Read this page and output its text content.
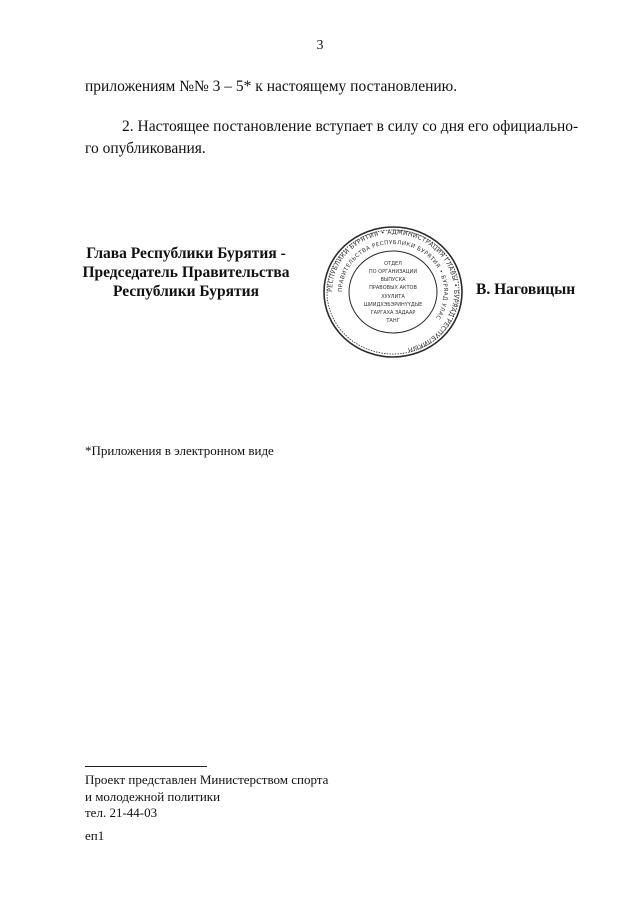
3
приложениям №№ 3 – 5* к настоящему постановлению.
2. Настоящее постановление вступает в силу со дня его официально-
го опубликования.
Глава Республики Бурятия -
Председатель Правительства
Республики Бурятия	РЕСПУБЛИКИ БУРЯТИЯ • АДМИНИСТРАЦИЯ ГЛАВЫ • БУРЯАД РЕСПУБЛИКЫН
ПРАВИТЕЛЬСТВА РЕСПУБЛИКИ БУРЯТИЯ • БУРЯАД УЛАС
ОТДЕЛ
ПО ОРГАНИЗАЦИИ
ВЫПУСКА
ПРАВОВЫХ АКТОВ
ХУУЛИТА
ШИИДХЭБЭРИНҮҮДЫЕ
ГАРГАХА ЗАДААР
ТАНГ
В. Наговицын
*Приложения в электронном виде
Проект представлен Министерством спорта
и молодежной политики
тел. 21-44-03
еп1
